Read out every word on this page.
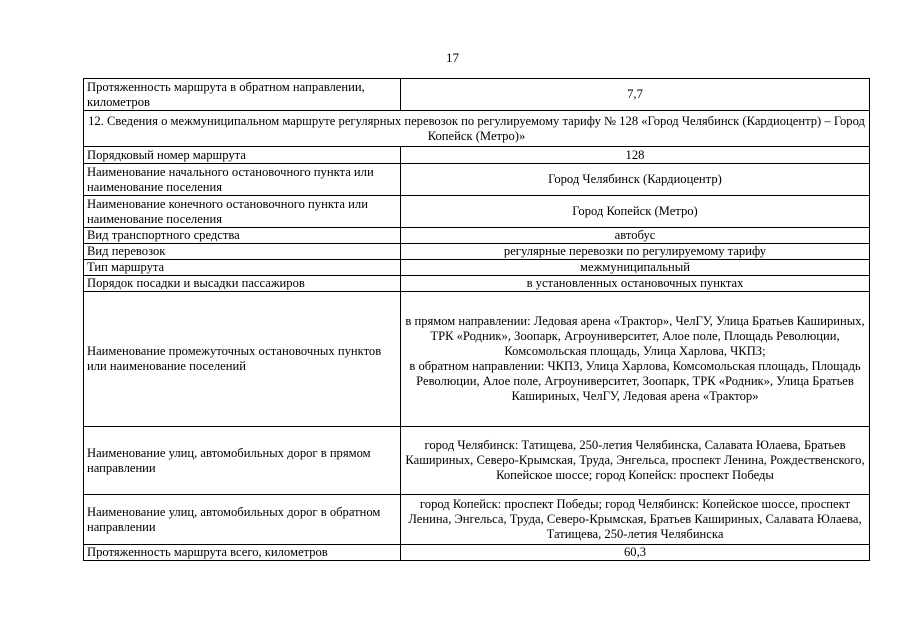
17
Протяженность маршрута в обратном направлении, километров	7,7
12. Сведения о межмуниципальном маршруте регулярных перевозок по регулируемому тарифу № 128 «Город Челябинск (Кардиоцентр) – Город Копейск (Метро)»	
Порядковый номер маршрута	128
Наименование начального остановочного пункта или наименование поселения	Город Челябинск (Кардиоцентр)
Наименование конечного остановочного пункта или наименование поселения	Город Копейск (Метро)
Вид транспортного средства	автобус
Вид перевозок	регулярные перевозки по регулируемому тарифу
Тип маршрута	межмуниципальный
Порядок посадки и высадки пассажиров	в установленных остановочных пунктах
Наименование промежуточных остановочных пунктов или наименование поселений	в прямом направлении: Ледовая арена «Трактор», ЧелГУ, Улица Братьев Кашириных, ТРК «Родник», Зоопарк, Агроуниверситет, Алое поле, Площадь Революции, Комсомольская площадь, Улица Харлова, ЧКПЗ;
в обратном направлении: ЧКПЗ, Улица Харлова, Комсомольская площадь, Площадь Революции, Алое поле, Агроуниверситет, Зоопарк, ТРК «Родник», Улица Братьев Кашириных, ЧелГУ, Ледовая арена «Трактор»

Наименование улиц, автомобильных дорог в прямом направлении	город Челябинск: Татищева, 250-летия Челябинска, Салавата Юлаева, Братьев Кашириных, Северо-Крымская, Труда, Энгельса, проспект Ленина, Рождественского, Копейское шоссе; город Копейск: проспект Победы
Наименование улиц, автомобильных дорог в обратном направлении	город Копейск: проспект Победы; город Челябинск: Копейское шоссе, проспект Ленина, Энгельса, Труда, Северо-Крымская, Братьев Кашириных, Салавата Юлаева, Татищева, 250-летия Челябинска
Протяженность маршрута всего, километров	60,3
